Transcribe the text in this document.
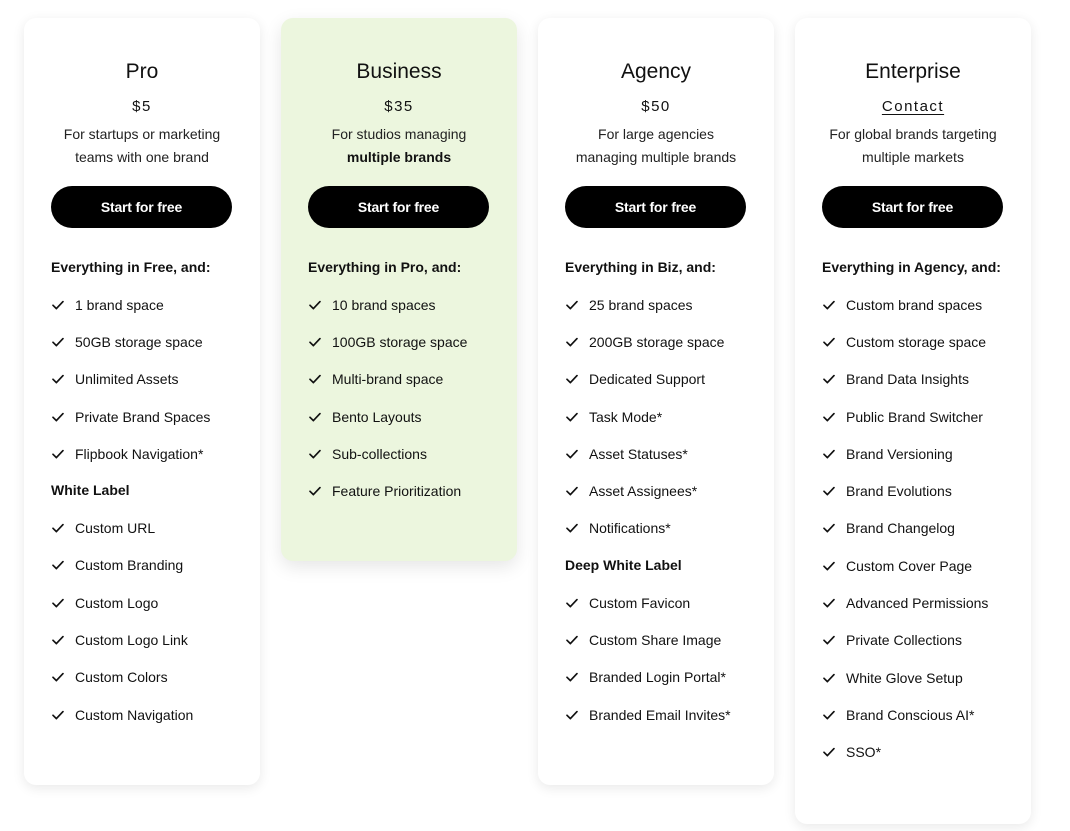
Pro
$5
For startups or marketing
teams with one brand
Start for free
Everything in Free, and:
1 brand space
50GB storage space
Unlimited Assets
Private Brand Spaces
Flipbook Navigation*
White Label
Custom URL
Custom Branding
Custom Logo
Custom Logo Link
Custom Colors
Custom Navigation
Business
$35
For studios managing
multiple brands
Start for free
Everything in Pro, and:
10 brand spaces
100GB storage space
Multi-brand space
Bento Layouts
Sub-collections
Feature Prioritization
Agency
$50
For large agencies
managing multiple brands
Start for free
Everything in Biz, and:
25 brand spaces
200GB storage space
Dedicated Support
Task Mode*
Asset Statuses*
Asset Assignees*
Notifications*
Deep White Label
Custom Favicon
Custom Share Image
Branded Login Portal*
Branded Email Invites*
Enterprise
Contact
For global brands targeting
multiple markets
Start for free
Everything in Agency, and:
Custom brand spaces
Custom storage space
Brand Data Insights
Public Brand Switcher
Brand Versioning
Brand Evolutions
Brand Changelog
Custom Cover Page
Advanced Permissions
Private Collections
White Glove Setup
Brand Conscious AI*
SSO*
